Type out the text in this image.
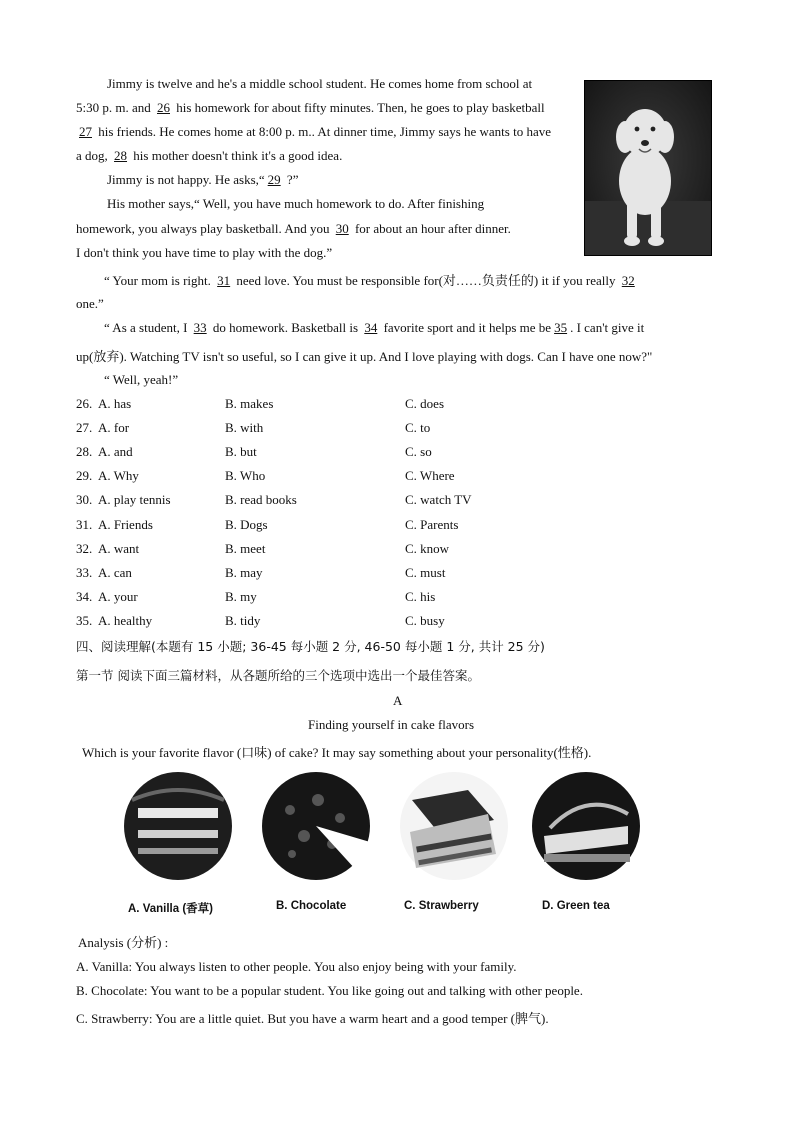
Jimmy is twelve and he's a middle school student. He comes home from school at
5:30 p. m. and 26 his homework for about fifty minutes. Then, he goes to play basketball
27 his friends. He comes home at 8:00 p. m.. At dinner time, Jimmy says he wants to have
a dog, 28 his mother doesn't think it's a good idea.
Jimmy is not happy. He asks,“ 29 ?”
His mother says,“ Well, you have much homework to do. After finishing
homework, you always play basketball. And you 30 for about an hour after dinner.
I don't think you have time to play with the dog.”
“ Your mom is right. 31 need love. You must be responsible for(对……负责任的) it if you really 32
one.”
“ As a student, I 33 do homework. Basketball is 34 favorite sport and it helps me be 35 . I can't give it
up(放弃). Watching TV isn't so useful, so I can give it up. And I love playing with dogs. Can I have one now?"
“ Well, yeah!”
26. A. has	B. makes	C. does
27. A. for	B. with	C. to
28. A. and	B. but	C. so
29. A. Why	B. Who	C. Where
30. A. play tennis	B. read books	C. watch TV
31. A. Friends	B. Dogs	C. Parents
32. A. want	B. meet	C. know
33. A. can	B. may	C. must
34. A. your	B. my	C. his
35. A. healthy	B. tidy	C. busy
四、阅读理解(本题有 15 小题; 36-45 每小题 2 分, 46-50 每小题 1 分, 共计 25 分)
第一节 阅读下面三篇材料，从各题所给的三个选项中选出一个最佳答案。
A
Finding yourself in cake flavors
Which is your favorite flavor (口味) of cake? It may say something about your personality(性格).
A. Vanilla (香草)	B. Chocolate	C. Strawberry	D. Green tea
Analysis (分析) :
A. Vanilla: You always listen to other people. You also enjoy being with your family.
B. Chocolate: You want to be a popular student. You like going out and talking with other people.
C. Strawberry: You are a little quiet. But you have a warm heart and a good temper (脾气).
